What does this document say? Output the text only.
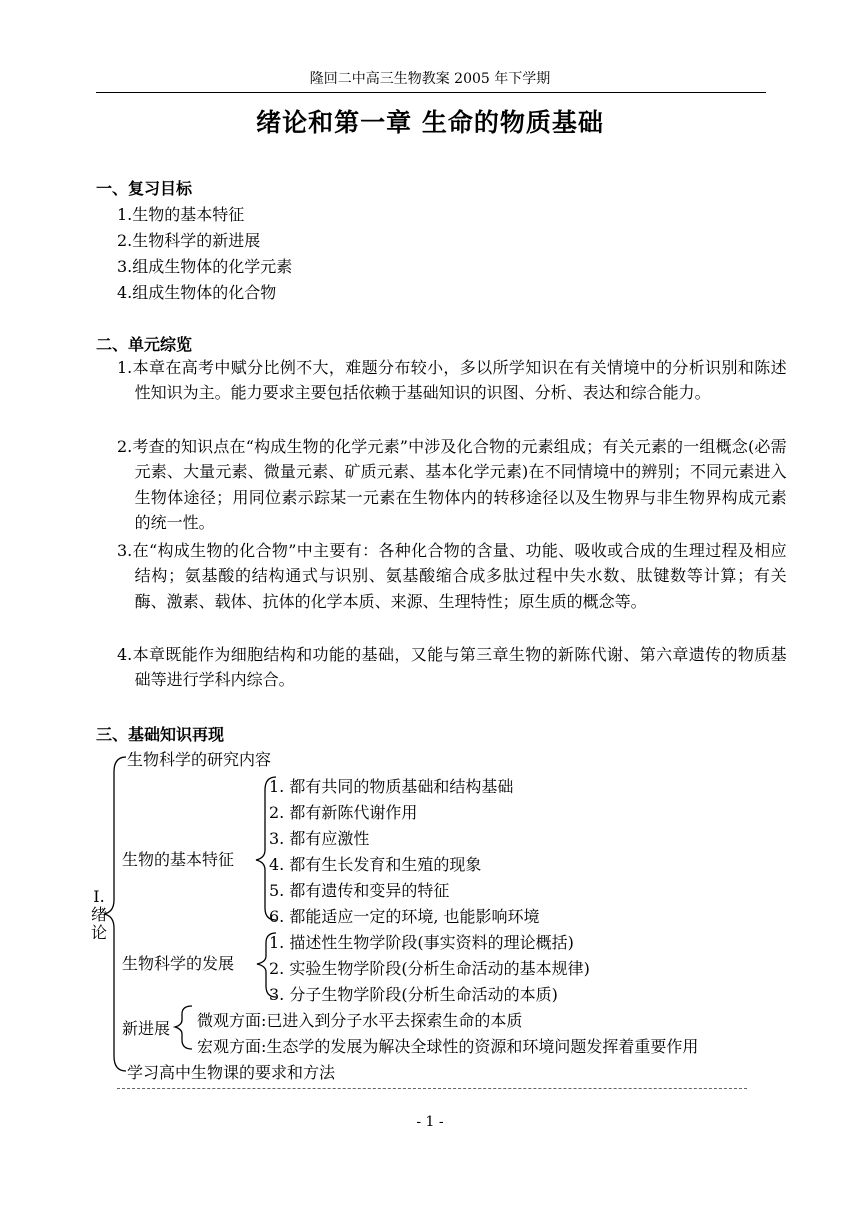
隆回二中高三生物教案 2005 年下学期
绪论和第一章 生命的物质基础
一、复习目标
1.生物的基本特征
2.生物科学的新进展
3.组成生物体的化学元素
4.组成生物体的化合物
二、单元综览
1.本章在高考中赋分比例不大，难题分布较小，多以所学知识在有关情境中的分析识别和陈述性知识为主。能力要求主要包括依赖于基础知识的识图、分析、表达和综合能力。
2.考查的知识点在“构成生物的化学元素”中涉及化合物的元素组成；有关元素的一组概念(必需元素、大量元素、微量元素、矿质元素、基本化学元素)在不同情境中的辨别；不同元素进入生物体途径；用同位素示踪某一元素在生物体内的转移途径以及生物界与非生物界构成元素的统一性。
3.在“构成生物的化合物”中主要有：各种化合物的含量、功能、吸收或合成的生理过程及相应结构；氨基酸的结构通式与识别、氨基酸缩合成多肽过程中失水数、肽键数等计算；有关酶、激素、载体、抗体的化学本质、来源、生理特性；原生质的概念等。
4.本章既能作为细胞结构和功能的基础，又能与第三章生物的新陈代谢、第六章遗传的物质基础等进行学科内综合。
三、基础知识再现
I.绪论
生物科学的研究内容
生物的基本特征
1. 都有共同的物质基础和结构基础
2. 都有新陈代谢作用
3. 都有应激性
4. 都有生长发育和生殖的现象
5. 都有遗传和变异的特征
6. 都能适应一定的环境, 也能影响环境
生物科学的发展
1. 描述性生物学阶段(事实资料的理论概括)
2. 实验生物学阶段(分析生命活动的基本规律)
3. 分子生物学阶段(分析生命活动的本质)
新进展 微观方面:已进入到分子水平去探索生命的本质
宏观方面:生态学的发展为解决全球性的资源和环境问题发挥着重要作用
学习高中生物课的要求和方法
- 1 -
